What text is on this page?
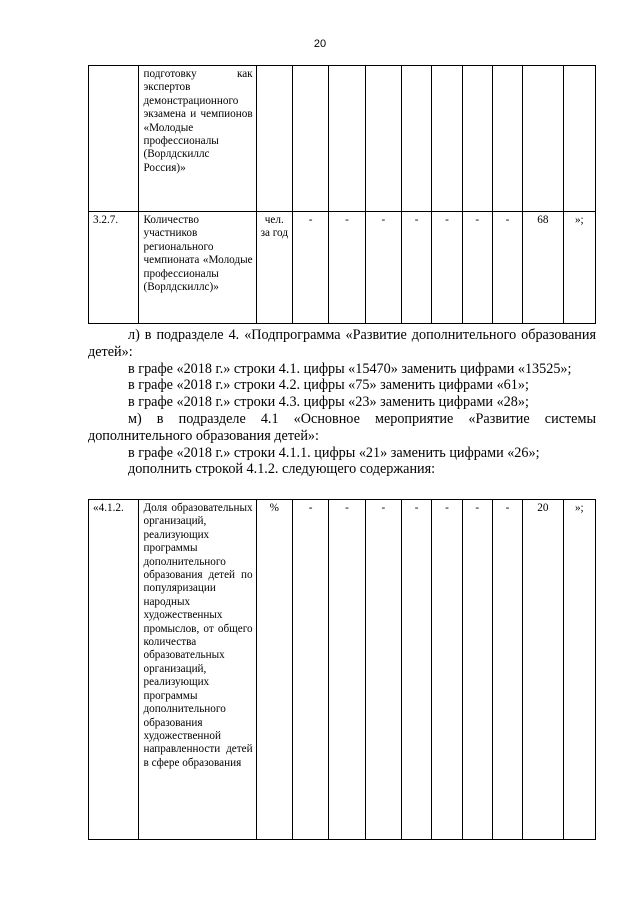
20
	подготовку как экспертов демонстрационного экзамена и чемпионов «Молодые профессионалы (Ворлдскиллс Россия)»										
3.2.7.	Количество участников регионального чемпионата «Молодые профессионалы (Ворлдскиллс)»	чел. за год	-	-	-	-	-	-	-	68	»;

л) в подразделе 4. «Подпрограмма «Развитие дополнительного образования детей»:

в графе «2018 г.» строки 4.1. цифры «15470» заменить цифрами «13525»;

в графе «2018 г.» строки 4.2. цифры «75» заменить цифрами «61»;

в графе «2018 г.» строки 4.3. цифры «23» заменить цифрами «28»;

м) в подразделе 4.1 «Основное мероприятие «Развитие системы дополнительного образования детей»:

в графе «2018 г.» строки 4.1.1. цифры «21» заменить цифрами «26»;

дополнить строкой 4.1.2. следующего содержания:

«4.1.2.	Доля образовательных организаций, реализующих программы дополнительного образования детей по популяризации народных художественных промыслов, от общего количества образовательных организаций, реализующих программы дополнительного образования художественной направленности детей в сфере образования	%	-	-	-	-	-	-	-	20	»;
